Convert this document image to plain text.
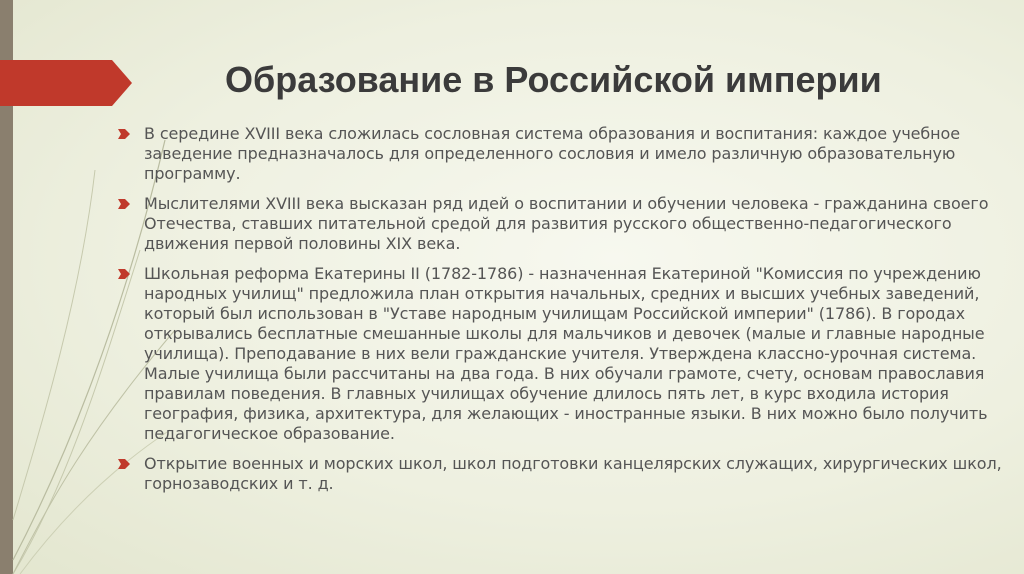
Образование в Российской империи
В середине XVIII века сложилась сословная система образования и воспитания: каждое учебное заведение предназначалось для определенного сословия и имело различную образовательную программу.
Мыслителями XVIII века высказан ряд идей о воспитании и обучении человека - гражданина своего Отечества, ставших питательной средой для развития русского общественно-педагогического движения первой половины XIX века.
Школьная реформа Екатерины II (1782-1786) - назначенная Екатериной "Комиссия по учреждению народных училищ" предложила план открытия начальных, средних и высших учебных заведений, который был использован в "Уставе народным училищам Российской империи" (1786). В городах открывались бесплатные смешанные школы для мальчиков и девочек (малые и главные народные училища). Преподавание в них вели гражданские учителя. Утверждена классно-урочная система. Малые училища были рассчитаны на два года. В них обучали грамоте, счету, основам православия правилам поведения. В главных училищах обучение длилось пять лет, в курс входила история география, физика, архитектура, для желающих - иностранные языки. В них можно было получить педагогическое образование.
Открытие военных и морских школ, школ подготовки канцелярских служащих, хирургических школ, горнозаводских и т. д.
